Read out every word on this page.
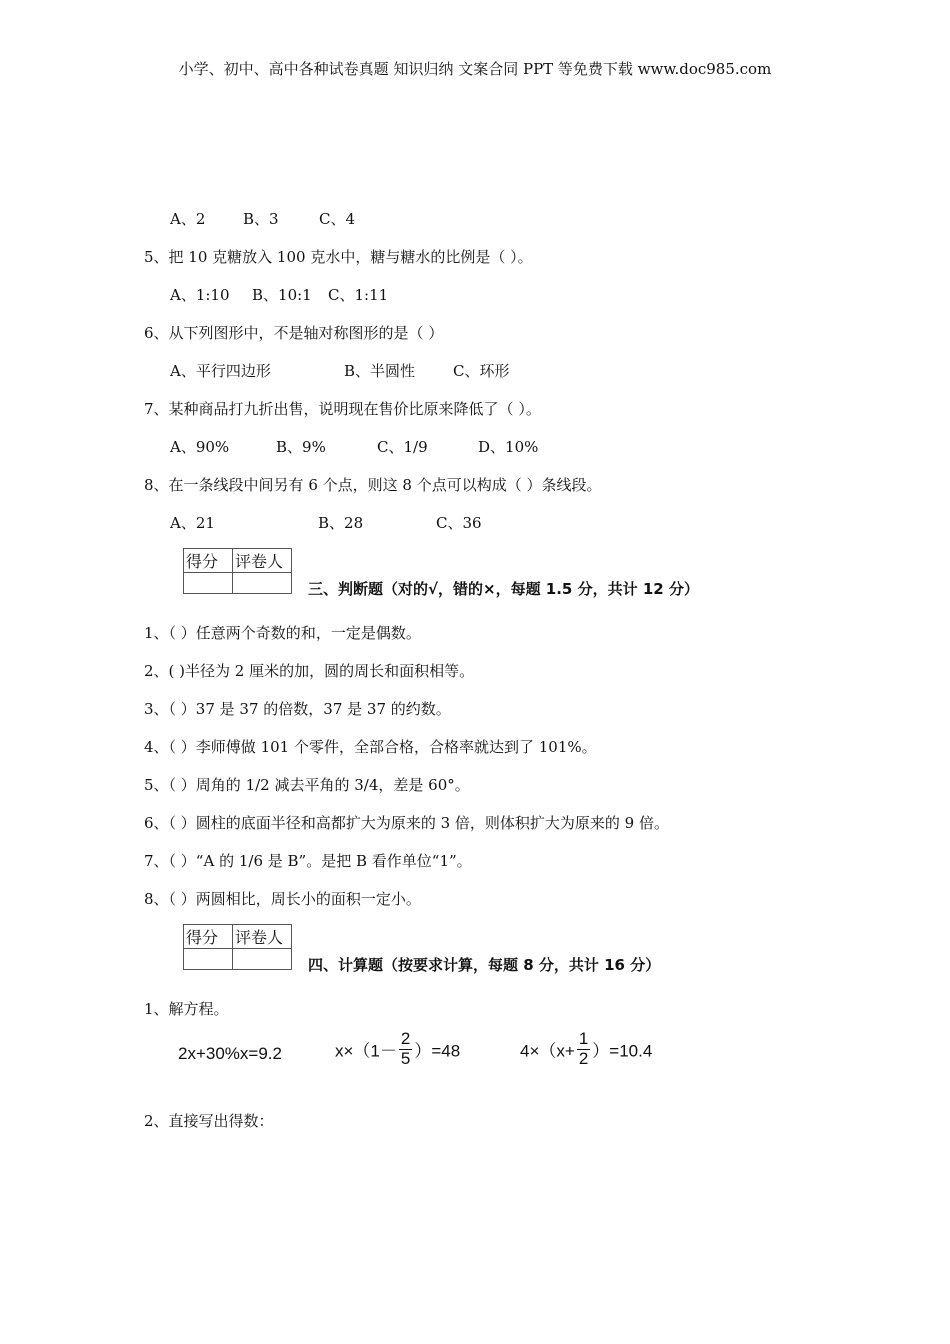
小学、初中、高中各种试卷真题 知识归纳 文案合同 PPT 等免费下载 www.doc985.com
A、2	B、3	C、4
5、把 10 克糖放入 100 克水中，糖与糖水的比例是（ ）。
A、1:10 B、10:1 C、1:11
6、从下列图形中，不是轴对称图形的是（ ）
A、平行四边形	B、半圆性	C、环形
7、某种商品打九折出售，说明现在售价比原来降低了（ ）。
A、90%	B、9%	C、1/9	D、10%
8、在一条线段中间另有 6 个点，则这 8 个点可以构成（ ）条线段。
A、21	B、28	C、36
得分	评卷人

三、判断题（对的√，错的×，每题 1.5 分，共计 12 分）
1、（ ）任意两个奇数的和，一定是偶数。
2、( )半径为 2 厘米的加，圆的周长和面积相等。
3、（ ）37 是 37 的倍数，37 是 37 的约数。
4、（ ）李师傅做 101 个零件，全部合格，合格率就达到了 101%。
5、（ ）周角的 1/2 减去平角的 3/4，差是 60°。
6、（ ）圆柱的底面半径和高都扩大为原来的 3 倍，则体积扩大为原来的 9 倍。
7、（ ）“A 的 1/6 是 B”。是把 B 看作单位“1”。
8、（ ）两圆相比，周长小的面积一定小。
得分	评卷人

四、计算题（按要求计算，每题 8 分，共计 16 分）
1、解方程。
2x+30%x=9.2	$x\times(1- \frac{2}{5} )=48$	$4\times(x+ \frac{1}{2} )=10.4$
2、直接写出得数：
